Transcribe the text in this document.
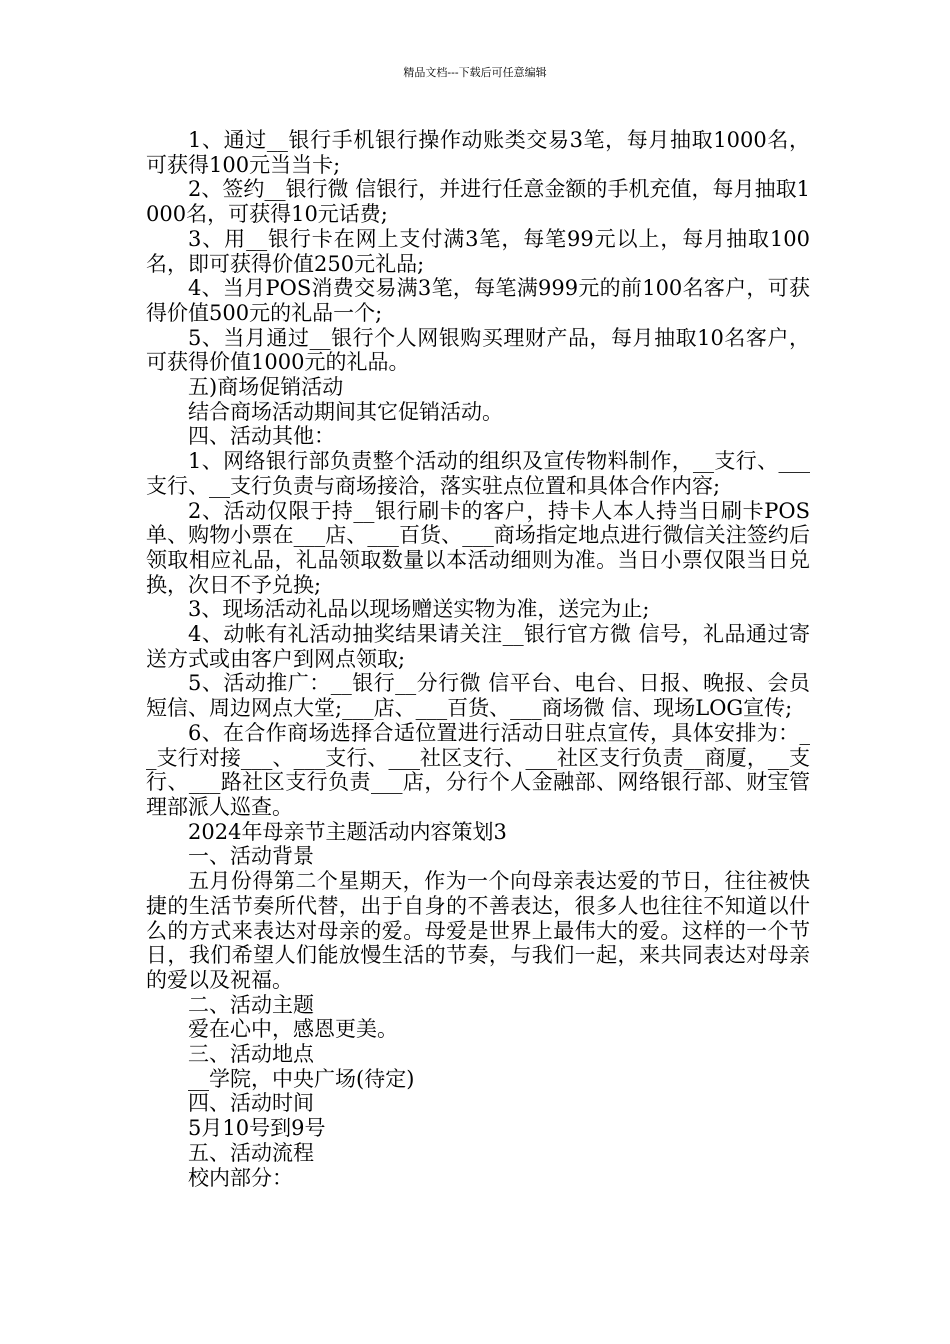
精品文档---下载后可任意编辑

1、通过__银行手机银行操作动账类交易3笔，每月抽取1000名，可获得100元当当卡;

2、签约__银行微 信银行，并进行任意金额的手机充值，每月抽取1000名，可获得10元话费;

3、用__银行卡在网上支付满3笔，每笔99元以上，每月抽取100名，即可获得价值250元礼品;

4、当月POS消费交易满3笔，每笔满999元的前100名客户，可获得价值500元的礼品一个;

5、当月通过__银行个人网银购买理财产品，每月抽取10名客户，可获得价值1000元的礼品。

五)商场促销活动

结合商场活动期间其它促销活动。

四、活动其他：

1、网络银行部负责整个活动的组织及宣传物料制作，__支行、___支行、__支行负责与商场接洽，落实驻点位置和具体合作内容;

2、活动仅限于持__银行刷卡的客户，持卡人本人持当日刷卡POS单、购物小票在___店、___百货、___商场指定地点进行微信关注签约后领取相应礼品，礼品领取数量以本活动细则为准。当日小票仅限当日兑换，次日不予兑换;

3、现场活动礼品以现场赠送实物为准，送完为止;

4、动帐有礼活动抽奖结果请关注__银行官方微 信号，礼品通过寄送方式或由客户到网点领取;

5、活动推广：__银行__分行微 信平台、电台、日报、晚报、会员短信、周边网点大堂;___店、___百货、___商场微 信、现场LOG宣传;

6、在合作商场选择合适位置进行活动日驻点宣传，具体安排为：__支行对接___、___支行、___社区支行、___社区支行负责__商厦，__支行、___路社区支行负责___店，分行个人金融部、网络银行部、财宝管理部派人巡查。

2024年母亲节主题活动内容策划3

一、活动背景

五月份得第二个星期天，作为一个向母亲表达爱的节日，往往被快捷的生活节奏所代替，出于自身的不善表达，很多人也往往不知道以什么的方式来表达对母亲的爱。母爱是世界上最伟大的爱。这样的一个节日，我们希望人们能放慢生活的节奏，与我们一起，来共同表达对母亲的爱以及祝福。

二、活动主题

爱在心中，感恩更美。

三、活动地点

__学院，中央广场(待定)

四、活动时间

5月10号到9号

五、活动流程

校内部分：
